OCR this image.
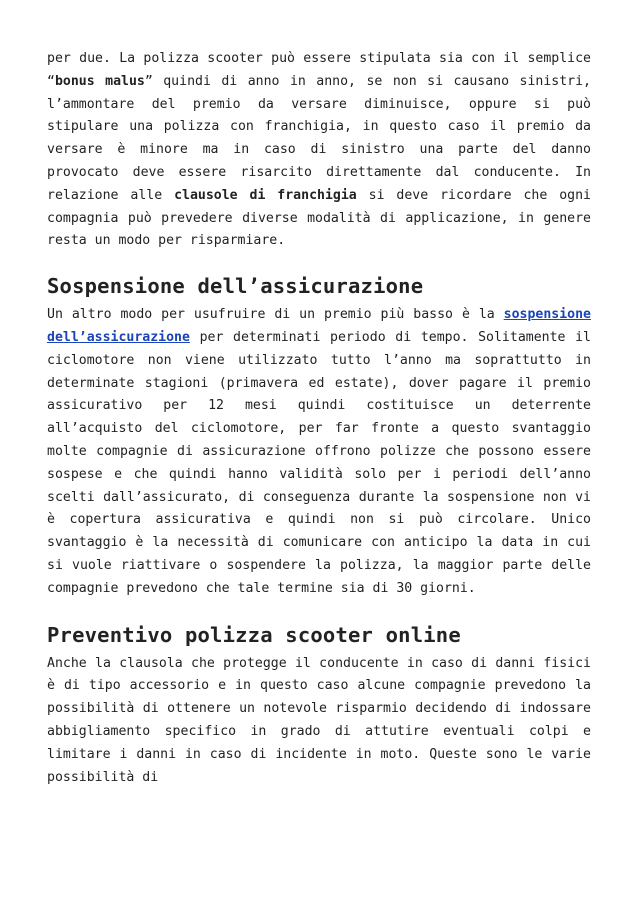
per due. La polizza scooter può essere stipulata sia con il semplice “bonus malus” quindi di anno in anno, se non si causano sinistri, l’ammontare del premio da versare diminuisce, oppure si può stipulare una polizza con franchigia, in questo caso il premio da versare è minore ma in caso di sinistro una parte del danno provocato deve essere risarcito direttamente dal conducente. In relazione alle clausole di franchigia si deve ricordare che ogni compagnia può prevedere diverse modalità di applicazione, in genere resta un modo per risparmiare.

Sospensione dell’assicurazione

Un altro modo per usufruire di un premio più basso è la sospensione dell’assicurazione per determinati periodo di tempo. Solitamente il ciclomotore non viene utilizzato tutto l’anno ma soprattutto in determinate stagioni (primavera ed estate), dover pagare il premio assicurativo per 12 mesi quindi costituisce un deterrente all’acquisto del ciclomotore, per far fronte a questo svantaggio molte compagnie di assicurazione offrono polizze che possono essere sospese e che quindi hanno validità solo per i periodi dell’anno scelti dall’assicurato, di conseguenza durante la sospensione non vi è copertura assicurativa e quindi non si può circolare. Unico svantaggio è la necessità di comunicare con anticipo la data in cui si vuole riattivare o sospendere la polizza, la maggior parte delle compagnie prevedono che tale termine sia di 30 giorni.

Preventivo polizza scooter online

Anche la clausola che protegge il conducente in caso di danni fisici è di tipo accessorio e in questo caso alcune compagnie prevedono la possibilità di ottenere un notevole risparmio decidendo di indossare abbigliamento specifico in grado di attutire eventuali colpi e limitare i danni in caso di incidente in moto. Queste sono le varie possibilità di
